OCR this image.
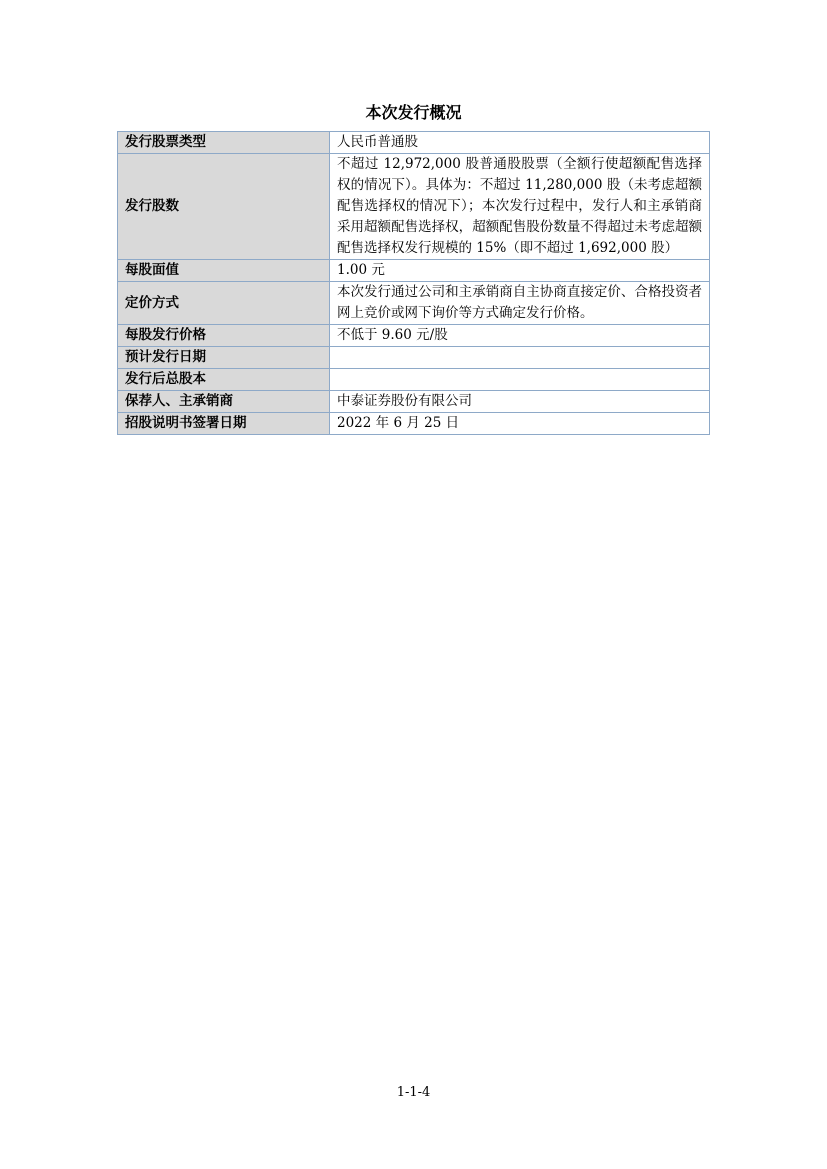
本次发行概况
发行股票类型	人民币普通股
发行股数	不超过 12,972,000 股普通股股票（全额行使超额配售选择权的情况下）。具体为：不超过 11,280,000 股（未考虑超额配售选择权的情况下）；本次发行过程中，发行人和主承销商采用超额配售选择权，超额配售股份数量不得超过未考虑超额配售选择权发行规模的 15%（即不超过 1,692,000 股）
每股面值	1.00 元
定价方式	本次发行通过公司和主承销商自主协商直接定价、合格投资者网上竞价或网下询价等方式确定发行价格。
每股发行价格	不低于 9.60 元/股
预计发行日期	
发行后总股本	
保荐人、主承销商	中泰证券股份有限公司
招股说明书签署日期	2022 年 6 月 25 日
1-1-4
